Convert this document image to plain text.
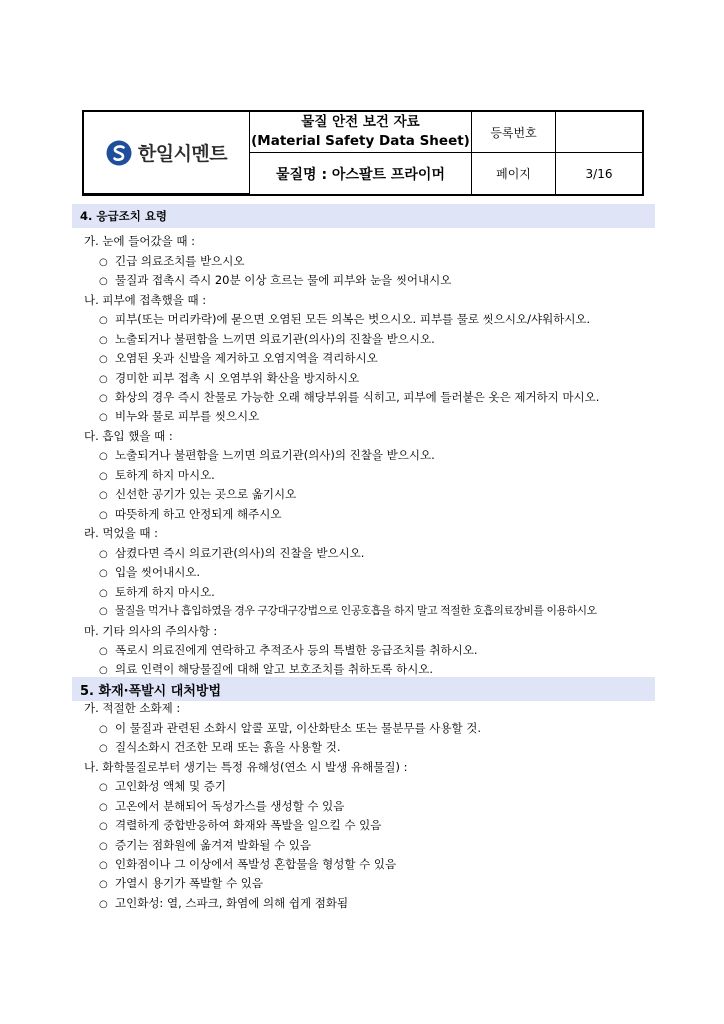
한일시멘트
물질 안전 보건 자료
(Material Safety Data Sheet)
등록번호
물질명 : 아스팔트 프라이머	페이지	3/16
4. 응급조치 요령
가. 눈에 들어갔을 때 :
○ 긴급 의료조치를 받으시오
○ 물질과 접촉시 즉시 20분 이상 흐르는 물에 피부와 눈을 씻어내시오
나. 피부에 접촉했을 때 :
○ 피부(또는 머리카락)에 묻으면 오염된 모든 의복은 벗으시오. 피부를 물로 씻으시오/샤워하시오.
○ 노출되거나 불편함을 느끼면 의료기관(의사)의 진찰을 받으시오.
○ 오염된 옷과 신발을 제거하고 오염지역을 격리하시오
○ 경미한 피부 접촉 시 오염부위 확산을 방지하시오
○ 화상의 경우 즉시 찬물로 가능한 오래 해당부위를 식히고, 피부에 들러붙은 옷은 제거하지 마시오.
○ 비누와 물로 피부를 씻으시오
다. 흡입 했을 때 :
○ 노출되거나 불편함을 느끼면 의료기관(의사)의 진찰을 받으시오.
○ 토하게 하지 마시오.
○ 신선한 공기가 있는 곳으로 옮기시오
○ 따뜻하게 하고 안정되게 해주시오
라. 먹었을 때 :
○ 삼켰다면 즉시 의료기관(의사)의 진찰을 받으시오.
○ 입을 씻어내시오.
○ 토하게 하지 마시오.
○ 물질을 먹거나 흡입하였을 경우 구강대구강법으로 인공호흡을 하지 말고 적절한 호흡의료장비를 이용하시오
마. 기타 의사의 주의사항 :
○ 폭로시 의료진에게 연락하고 추적조사 등의 특별한 응급조치를 취하시오.
○ 의료 인력이 해당물질에 대해 알고 보호조치를 취하도록 하시오.
5. 화재·폭발시 대처방법
가. 적절한 소화제 :
○ 이 물질과 관련된 소화시 알콜 포말, 이산화탄소 또는 물분무를 사용할 것.
○ 질식소화시 건조한 모래 또는 흙을 사용할 것.
나. 화학물질로부터 생기는 특정 유해성(연소 시 발생 유해물질) :
○ 고인화성 액체 및 증기
○ 고온에서 분해되어 독성가스를 생성할 수 있음
○ 격렬하게 중합반응하여 화재와 폭발을 일으킬 수 있음
○ 증기는 점화원에 옮겨져 발화될 수 있음
○ 인화점이나 그 이상에서 폭발성 혼합물을 형성할 수 있음
○ 가열시 용기가 폭발할 수 있음
○ 고인화성: 열, 스파크, 화염에 의해 쉽게 점화됨
